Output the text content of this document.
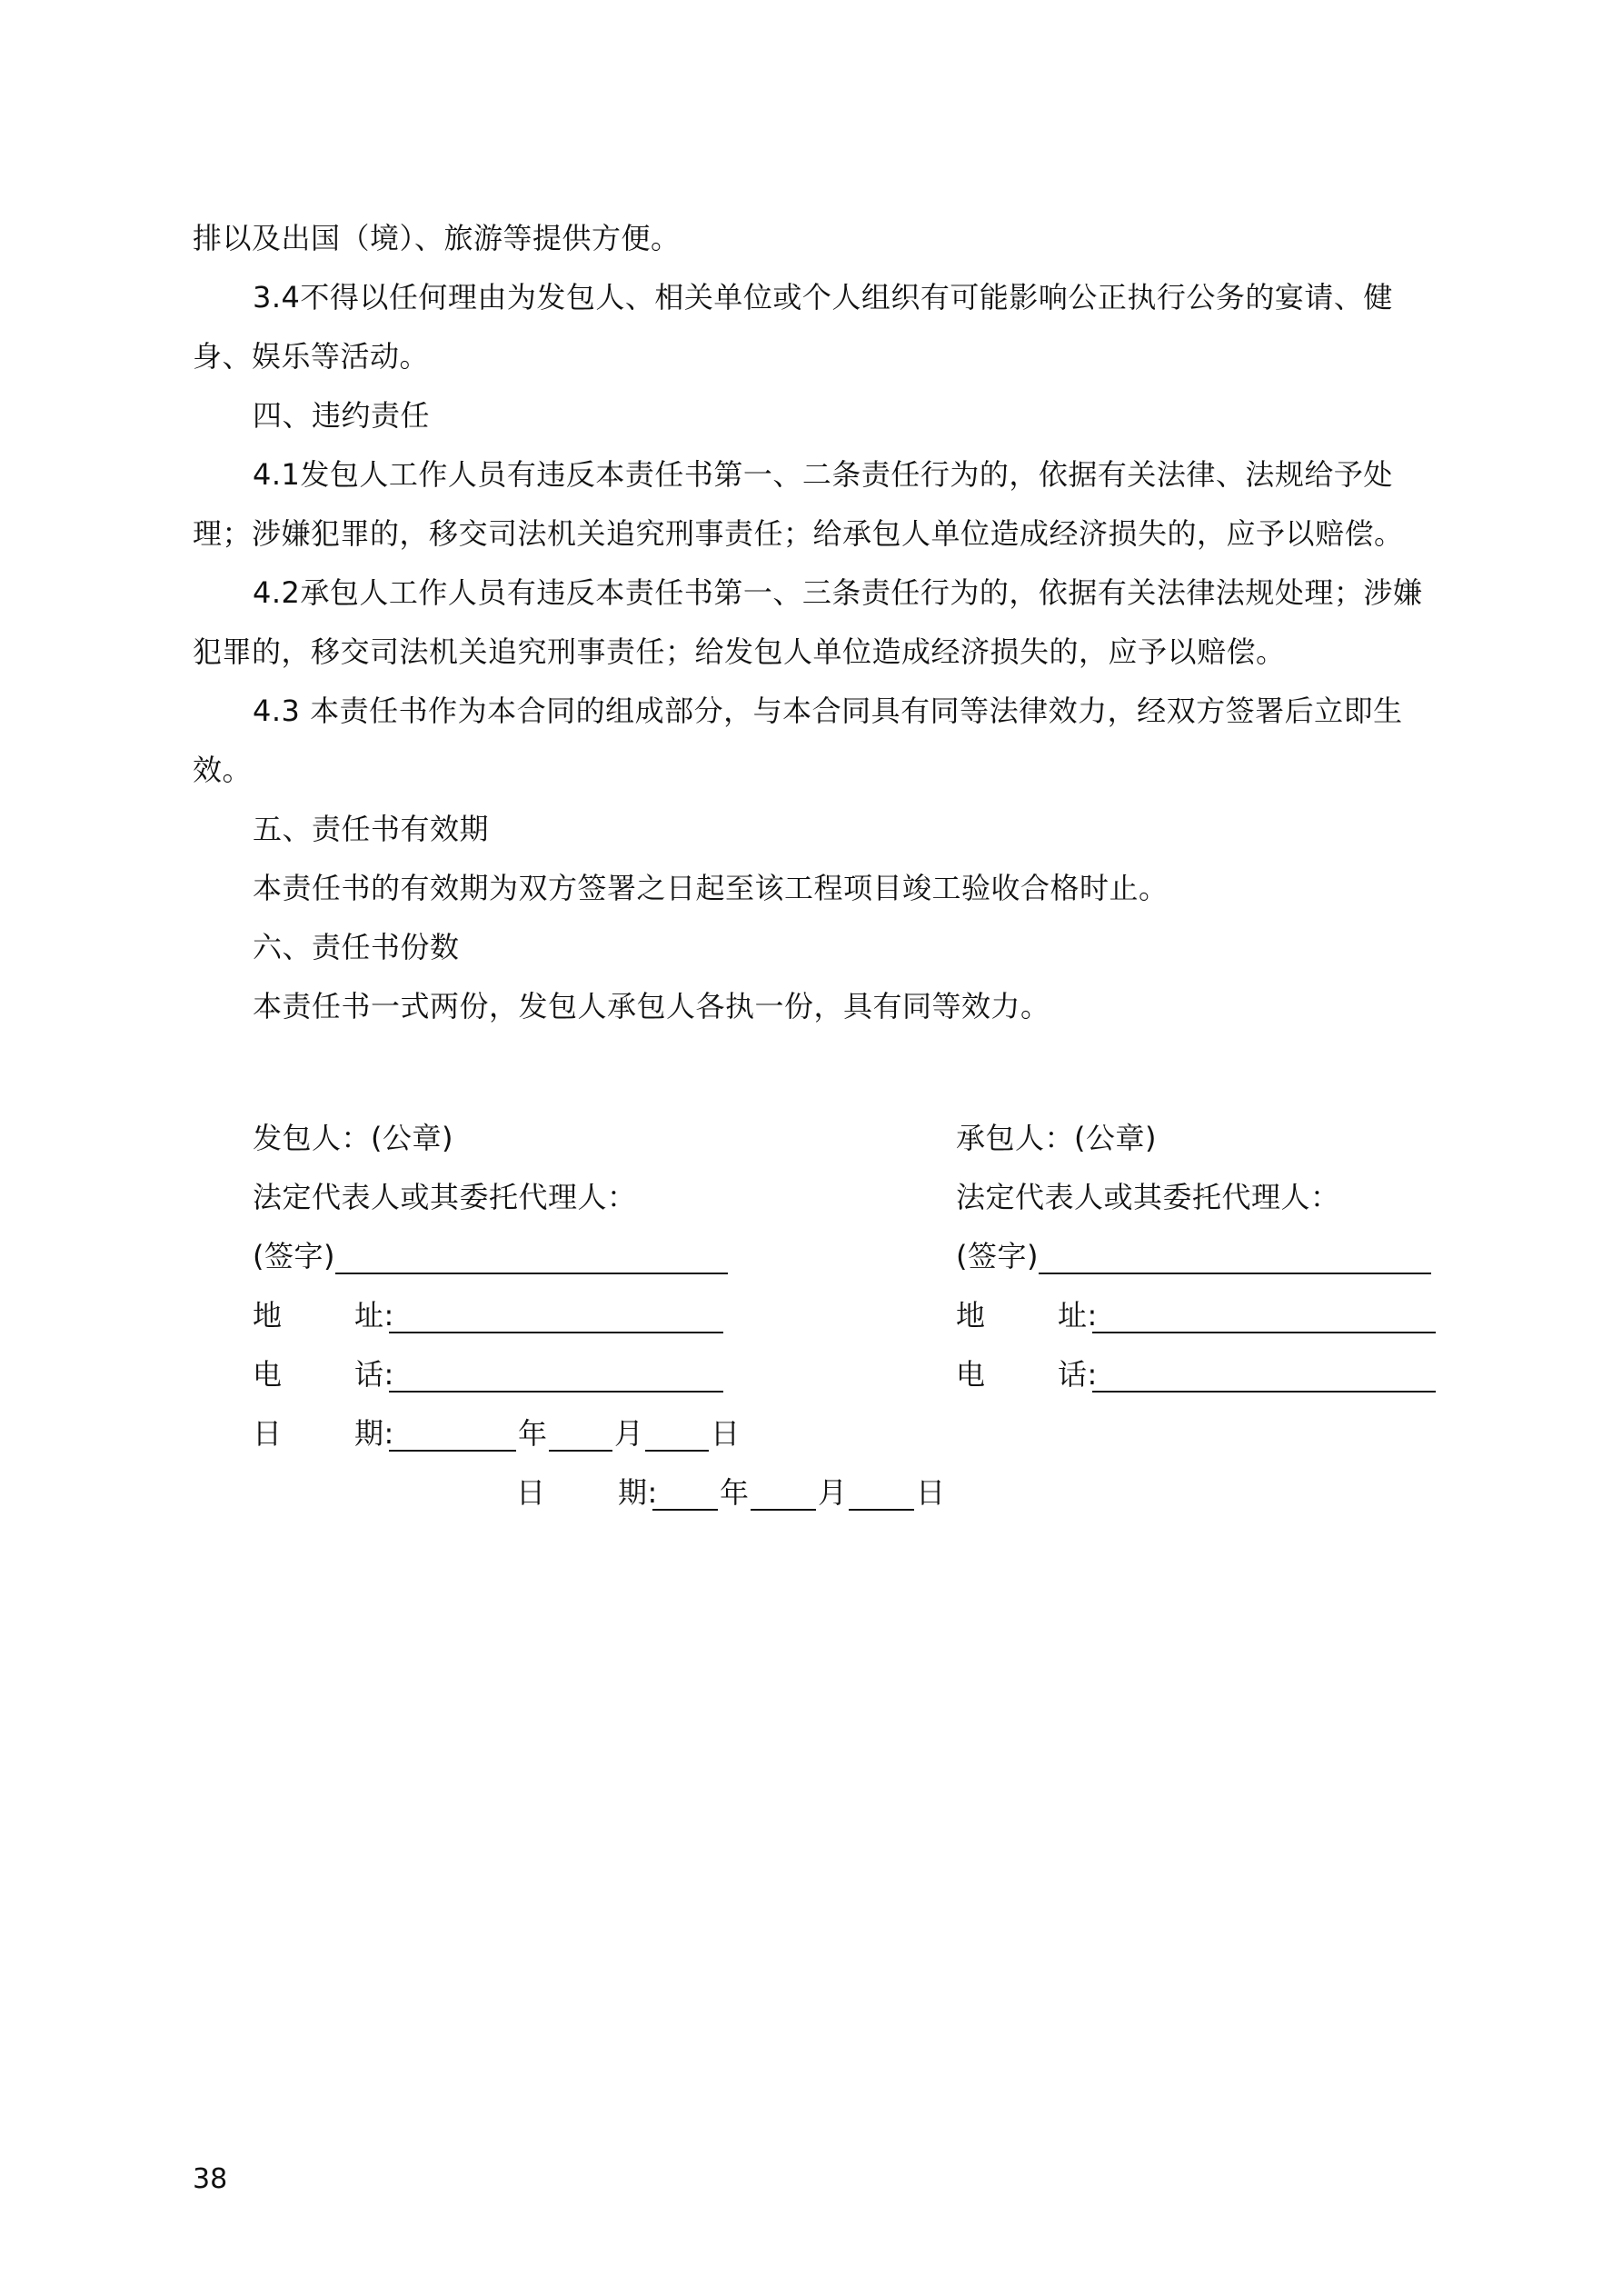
排以及出国（境）、旅游等提供方便。
3.4不得以任何理由为发包人、相关单位或个人组织有可能影响公正执行公务的宴请、健身、娱乐等活动。
四、违约责任
4.1发包人工作人员有违反本责任书第一、二条责任行为的，依据有关法律、法规给予处理；涉嫌犯罪的，移交司法机关追究刑事责任；给承包人单位造成经济损失的，应予以赔偿。
4.2承包人工作人员有违反本责任书第一、三条责任行为的，依据有关法律法规处理；涉嫌犯罪的，移交司法机关追究刑事责任；给发包人单位造成经济损失的，应予以赔偿。
4.3 本责任书作为本合同的组成部分，与本合同具有同等法律效力，经双方签署后立即生效。
五、责任书有效期
本责任书的有效期为双方签署之日起至该工程项目竣工验收合格时止。
六、责任书份数
本责任书一式两份，发包人承包人各执一份，具有同等效力。
发包人：(公章)
法定代表人或其委托代理人：
(签字)
地 址:
电 话:
日 期:	年 月 日
承包人：(公章)
法定代表人或其委托代理人：
(签字)
地 址:
电 话:
日 期: 年 月 日
38
